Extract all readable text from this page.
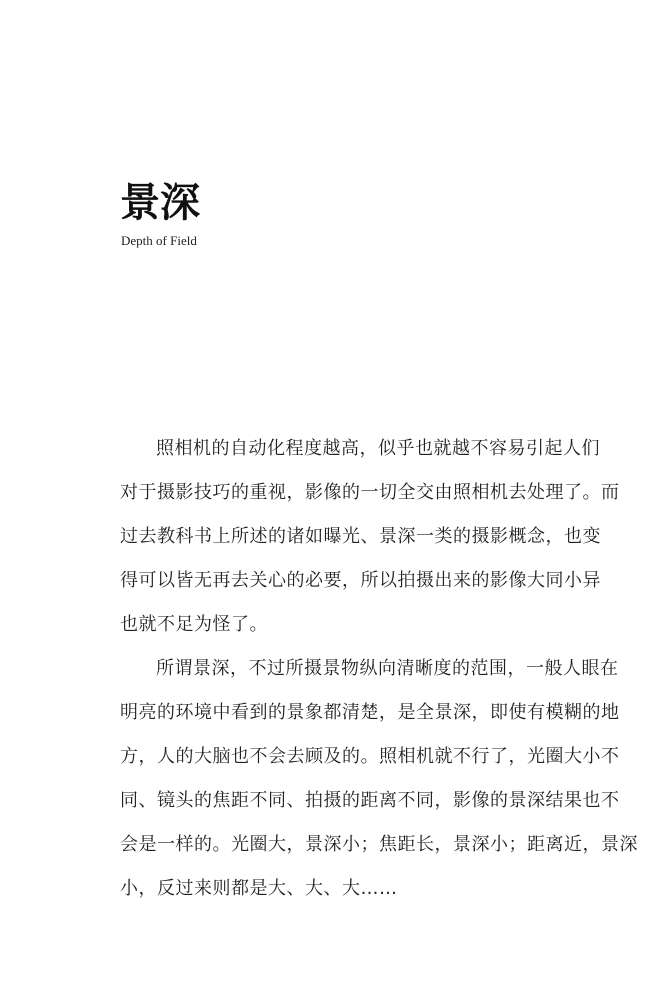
景深
Depth of Field
照相机的自动化程度越高，似乎也就越不容易引起人们
对于摄影技巧的重视，影像的一切全交由照相机去处理了。而
过去教科书上所述的诸如曝光、景深一类的摄影概念，也变
得可以皆无再去关心的必要，所以拍摄出来的影像大同小异
也就不足为怪了。
所谓景深，不过所摄景物纵向清晰度的范围，一般人眼在
明亮的环境中看到的景象都清楚，是全景深，即使有模糊的地
方，人的大脑也不会去顾及的。照相机就不行了，光圈大小不
同、镜头的焦距不同、拍摄的距离不同，影像的景深结果也不
会是一样的。光圈大，景深小；焦距长，景深小；距离近，景深
小，反过来则都是大、大、大……
